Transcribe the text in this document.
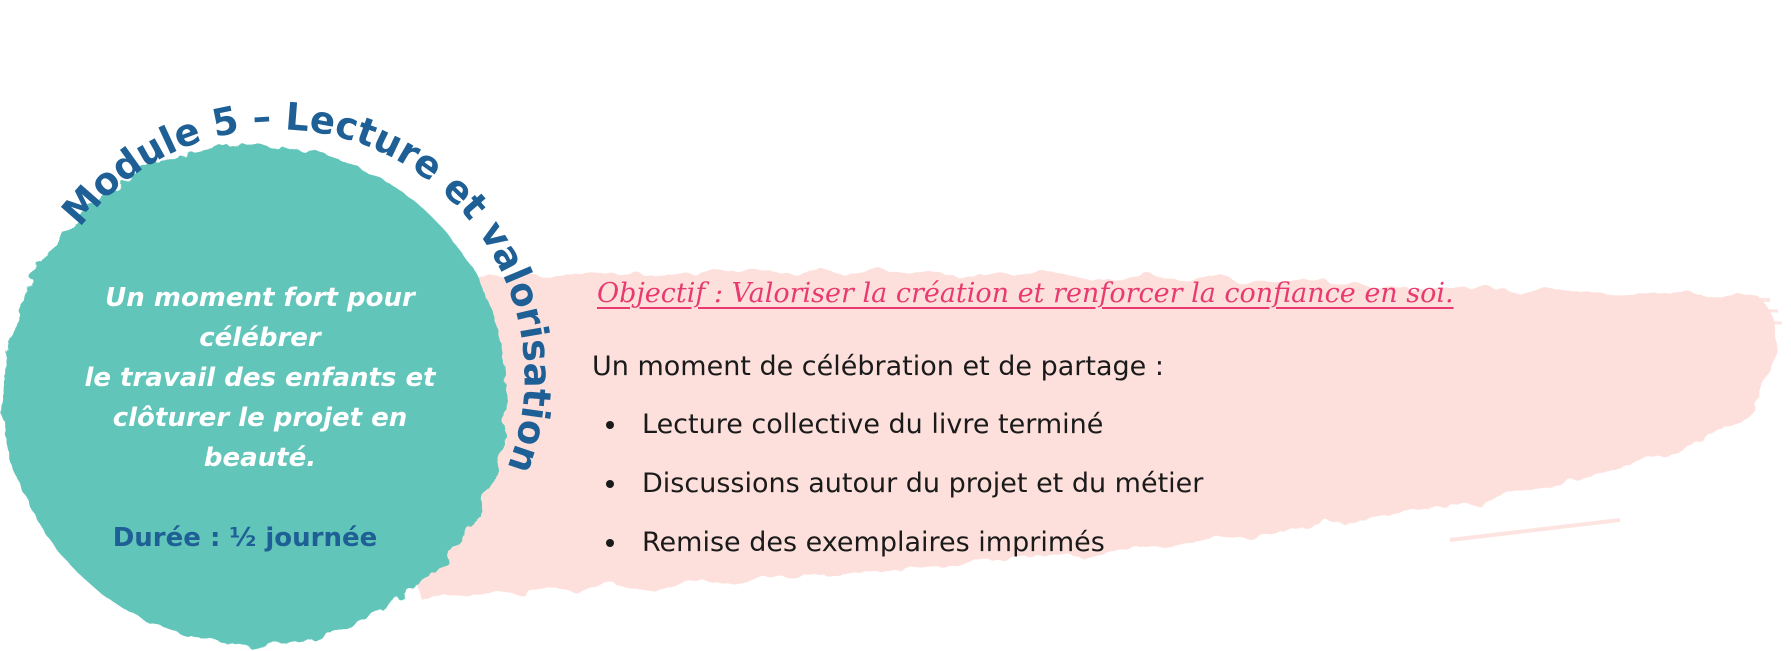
Module 5 – Lecture et valorisation
Un moment fort pour
célébrer
le travail des enfants et
clôturer le projet en beauté.
Durée : ½ journée
Objectif : Valoriser la création et renforcer la confiance en soi.
Un moment de célébration et de partage :
Lecture collective du livre terminé
Discussions autour du projet et du métier
Remise des exemplaires imprimés
